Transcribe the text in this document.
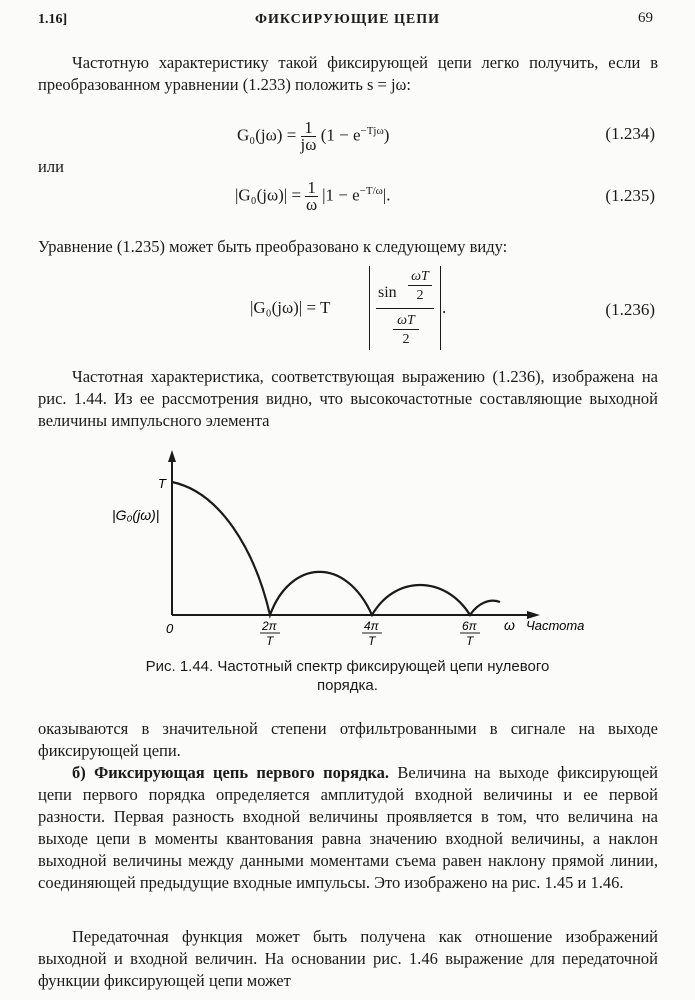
1.16]	ФИКСИРУЮЩИЕ ЦЕПИ	69
Частотную характеристику такой фиксирующей цепи легко получить, если в преобразованном уравнении (1.233) положить s = jω:
$G_0(j\omega) = \frac{1}{j\omega} (1 - e^{-Tj\omega})$	(1.234)
или
$|G_0(j\omega)| = \frac{1}{\omega} |1 - e^{-T/\omega}|$.	(1.235)
Уравнение (1.235) может быть преобразовано к следующему виду:
|G₀(jω)| = T
sin
ωT
2
ωT
2
.	(1.236)
Частотная характеристика, соответствующая выражению (1.236), изображена на рис. 1.44. Из ее рассмотрения видно, что высокочастотные составляющие выходной величины импульсного элемента
T
|G₀(jω)|
0	2π
T
4π
T
6π
T
ω Частота
Рис. 1.44. Частотный спектр фиксирующей цепи нулевого
порядка.
оказываются в значительной степени отфильтрованными в сигнале на выходе фиксирующей цепи.
б) Фиксирующая цепь первого порядка. Величина на выходе фиксирующей цепи первого порядка определяется амплитудой входной величины и ее первой разности. Первая разность входной величины проявляется в том, что величина на выходе цепи в моменты квантования равна значению входной величины, а наклон выходной величины между данными моментами съема равен наклону прямой линии, соединяющей предыдущие входные импульсы. Это изображено на рис. 1.45 и 1.46.
Передаточная функция может быть получена как отношение изображений выходной и входной величин. На основании рис. 1.46 выражение для передаточной функции фиксирующей цепи может
